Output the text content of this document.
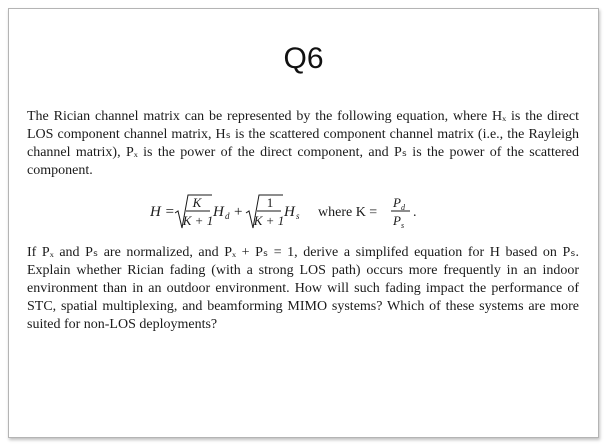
Q6

The Rician channel matrix can be represented by the following equation, where Hₓ is the direct LOS component channel matrix, Hₛ is the scattered component channel matrix (i.e., the Rayleigh channel matrix), Pₓ is the power of the direct component, and Pₛ is the power of the scattered component.

H =
K
K + 1
H d +
1
K + 1
H s where K =
P d
P s
.

If Pₓ and Pₛ are normalized, and Pₓ + Pₛ = 1, derive a simplifed equation for H based on Pₛ. Explain whether Rician fading (with a strong LOS path) occurs more frequently in an indoor environment than in an outdoor environment. How will such fading impact the performance of STC, spatial multiplexing, and beamforming MIMO systems? Which of these systems are more suited for non-LOS deployments?
